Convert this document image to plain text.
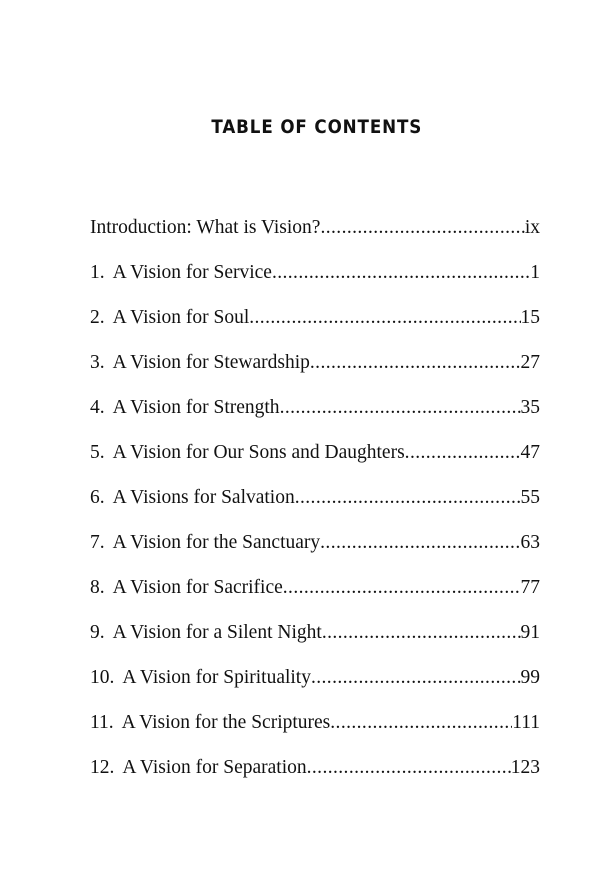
TABLE OF CONTENTS
Introduction: What is Vision? .....	ix
1. A Vision for Service .....	1
2. A Vision for Soul .....	15
3. A Vision for Stewardship .....	27
4. A Vision for Strength .....	35
5. A Vision for Our Sons and Daughters .....	47
6. A Visions for Salvation .....	55
7. A Vision for the Sanctuary .....	63
8. A Vision for Sacrifice .....	77
9. A Vision for a Silent Night .....	91
10. A Vision for Spirituality .....	99
11. A Vision for the Scriptures .....	111
12. A Vision for Separation .....	123
